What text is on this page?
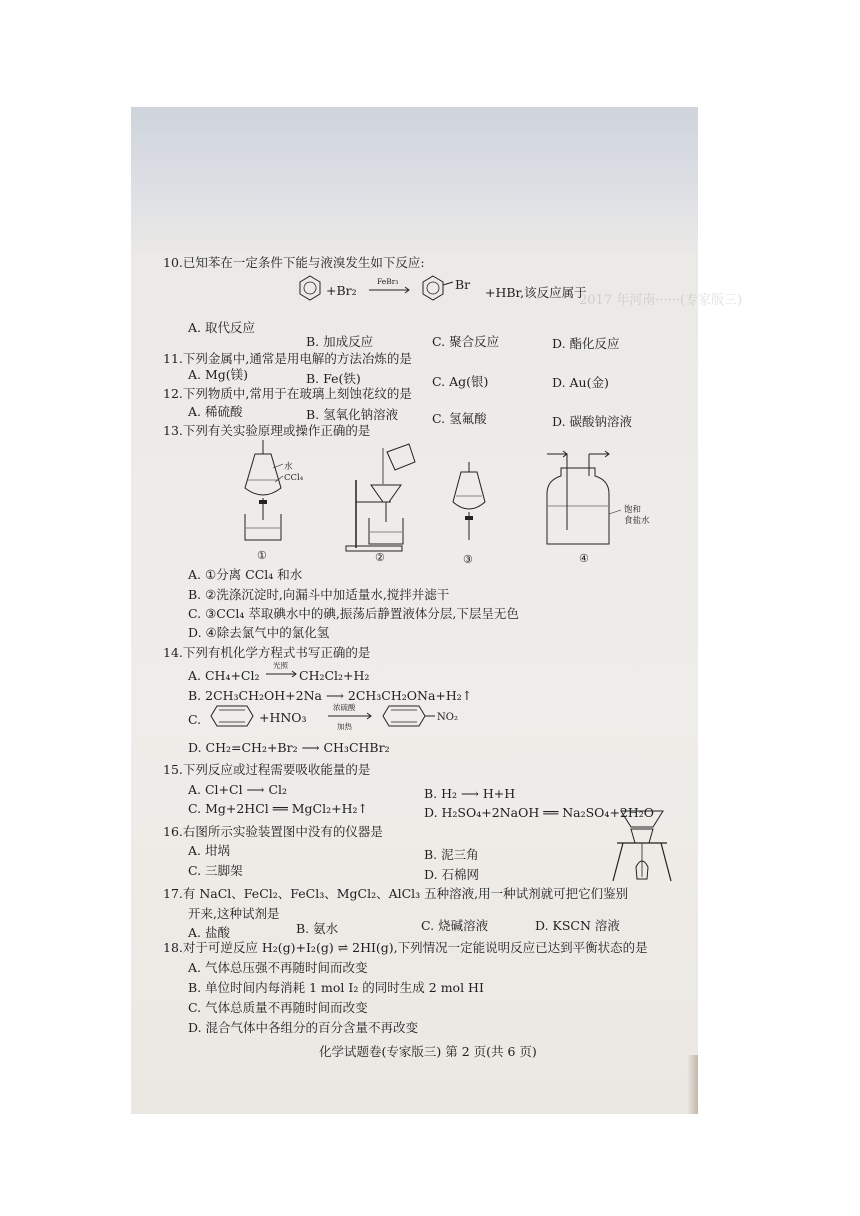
2017 年河南······(专家版三)
10.已知苯在一定条件下能与液溴发生如下反应:
+Br₂
FeBr₃	Br
+HBr,该反应属于
A. 取代反应
B. 加成反应	C. 聚合反应	D. 酯化反应
11.下列金属中,通常是用电解的方法冶炼的是
A. Mg(镁)	B. Fe(铁)	C. Ag(银)	D. Au(金)
12.下列物质中,常用于在玻璃上刻蚀花纹的是
A. 稀硫酸	B. 氢氧化钠溶液	C. 氢氟酸	D. 碳酸钠溶液
13.下列有关实验原理或操作正确的是
水
CCl₄
①	②	③	④
饱和
食盐水
A. ①分离 CCl₄ 和水
B. ②洗涤沉淀时,向漏斗中加适量水,搅拌并滤干
C. ③CCl₄ 萃取碘水中的碘,振荡后静置液体分层,下层呈无色
D. ④除去氯气中的氯化氢
14.下列有机化学方程式书写正确的是
A. CH₄+Cl₂
光照
CH₂Cl₂+H₂
B. 2CH₃CH₂OH+2Na ⟶ 2CH₃CH₂ONa+H₂↑
C.	+HNO₃
浓硫酸
加热
NO₂
D. CH₂=CH₂+Br₂ ⟶ CH₃CHBr₂
15.下列反应或过程需要吸收能量的是
A. Cl+Cl ⟶ Cl₂	B. H₂ ⟶ H+H
C. Mg+2HCl ══ MgCl₂+H₂↑	D. H₂SO₄+2NaOH ══ Na₂SO₄+2H₂O
16.右图所示实验装置图中没有的仪器是
A. 坩埚	B. 泥三角
C. 三脚架	D. 石棉网
17.有 NaCl、FeCl₂、FeCl₃、MgCl₂、AlCl₃ 五种溶液,用一种试剂就可把它们鉴别
开来,这种试剂是
A. 盐酸	B. 氨水	C. 烧碱溶液	D. KSCN 溶液
18.对于可逆反应 H₂(g)+I₂(g) ⇌ 2HI(g),下列情况一定能说明反应已达到平衡状态的是
A. 气体总压强不再随时间而改变
B. 单位时间内每消耗 1 mol I₂ 的同时生成 2 mol HI
C. 气体总质量不再随时间而改变
D. 混合气体中各组分的百分含量不再改变
化学试题卷(专家版三) 第 2 页(共 6 页)
